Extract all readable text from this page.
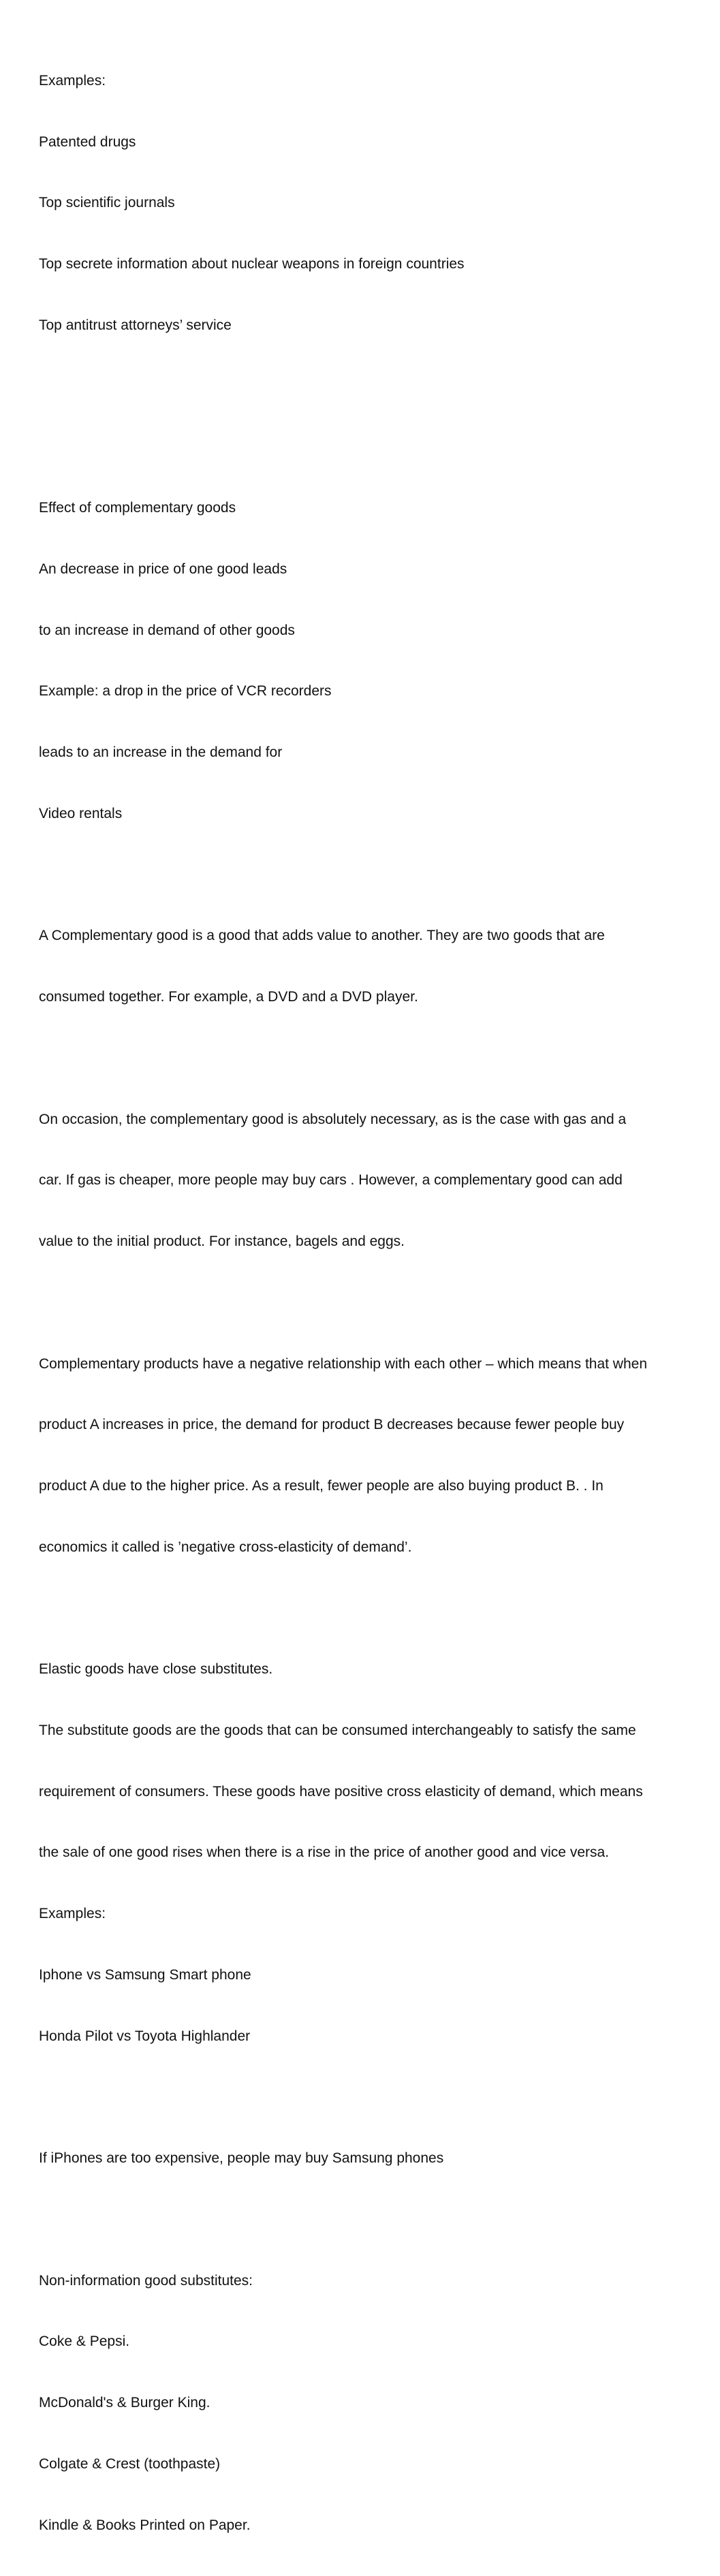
Examples:

Patented drugs

Top scientific journals

Top secrete information about nuclear weapons in foreign countries

Top antitrust attorneys’ service

Effect of complementary goods

An decrease in price of one good leads

to an increase in demand of other goods

Example: a drop in the price of VCR recorders

leads to an increase in the demand for

Video rentals

A Complementary good is a good that adds value to another. They are two goods that are

consumed together. For example, a DVD and a DVD player.

On occasion, the complementary good is absolutely necessary, as is the case with gas and a

car. If gas is cheaper, more people may buy cars . However, a complementary good can add

value to the initial product. For instance, bagels and eggs.

Complementary products have a negative relationship with each other – which means that when

product A increases in price, the demand for product B decreases because fewer people buy

product A due to the higher price. As a result, fewer people are also buying product B. . In

economics it called is ’negative cross-elasticity of demand’.

Elastic goods have close substitutes.

The substitute goods are the goods that can be consumed interchangeably to satisfy the same

requirement of consumers. These goods have positive cross elasticity of demand, which means

the sale of one good rises when there is a rise in the price of another good and vice versa.

Examples:

Iphone vs Samsung Smart phone

Honda Pilot vs Toyota Highlander

If iPhones are too expensive, people may buy Samsung phones

Non-information good substitutes:

Coke & Pepsi.

McDonald's & Burger King.

Colgate & Crest (toothpaste)

Kindle & Books Printed on Paper.
